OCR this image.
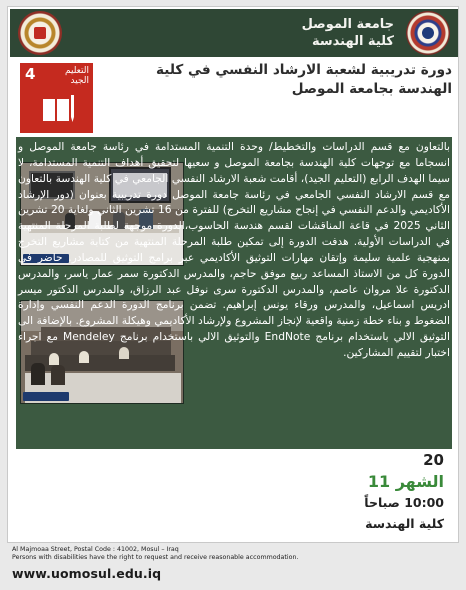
جامعة الموصل
كلية الهندسة
4	التعليم الجيد
دورة تدريبية لشعبة الارشاد النفسي في كلية الهندسة بجامعة الموصل
بالتعاون مع قسم الدراسات والتخطيط/ وحدة التنمية المستدامة في رئاسة جامعة الموصل و انسجاما مع توجهات كلية الهندسة بجامعة الموصل و سعيها لتحقيق أهداف التنمية المستدامة، لا سيما الهدف الرابع (التعليم الجيد)، أقامت شعبة الارشاد النفسي الجامعي في كلية الهندسة بالتعاون مع قسم الارشاد النفسي الجامعي في رئاسة جامعة الموصل دورة تدريبية بعنوان (دور الإرشاد الأكاديمي والدعم النفسي في إنجاح مشاريع التخرج) للفترة من 16 تشرين الثاني ولغاية 20 تشرين الثاني 2025 في قاعة المناقشات لقسم هندسة الحاسوب،الدورة موجهة لطلبة المرحلة المنتهية في الدراسات الأولية. هدفت الدورة إلى تمكين طلبة المرحلة المنتهية من كتابة مشاريع التخرج بمنهجية علمية سليمة وإتقان مهارات التوثيق الأكاديمي عبر برامج التوثيق للمصادر. حاضر في الدورة كل من الاستاذ المساعد ربيع موفق حاجم، والمدرس الدكتورة سمر عمار ياسر، والمدرس الدكتورة علا مروان عاصم، والمدرس الدكتورة سرى نوفل عبد الرزاق، والمدرس الدكتور ميسر ادريس اسماعيل، والمدرس ورقاء يونس إبراهيم. تضمن برنامج الدورة الدعم النفسي وإدارة الضغوط و بناء خطة زمنية واقعية لإنجاز المشروع ولإرشاد الأكاديمي وهيكلة المشروع. بالإضافة الى التوثيق الالي باستخدام برنامج EndNote والتوثيق الالي باستخدام برنامج Mendeley مع اجراء اختبار لتقييم المشاركين.
20
الشهر 11
10:00 صباحاً
كلية الهندسة
Al Majmoaa Street, Postal Code : 41002, Mosul – Iraq
Persons with disabilities have the right to request and receive reasonable accommodation.
www.uomosul.edu.iq
